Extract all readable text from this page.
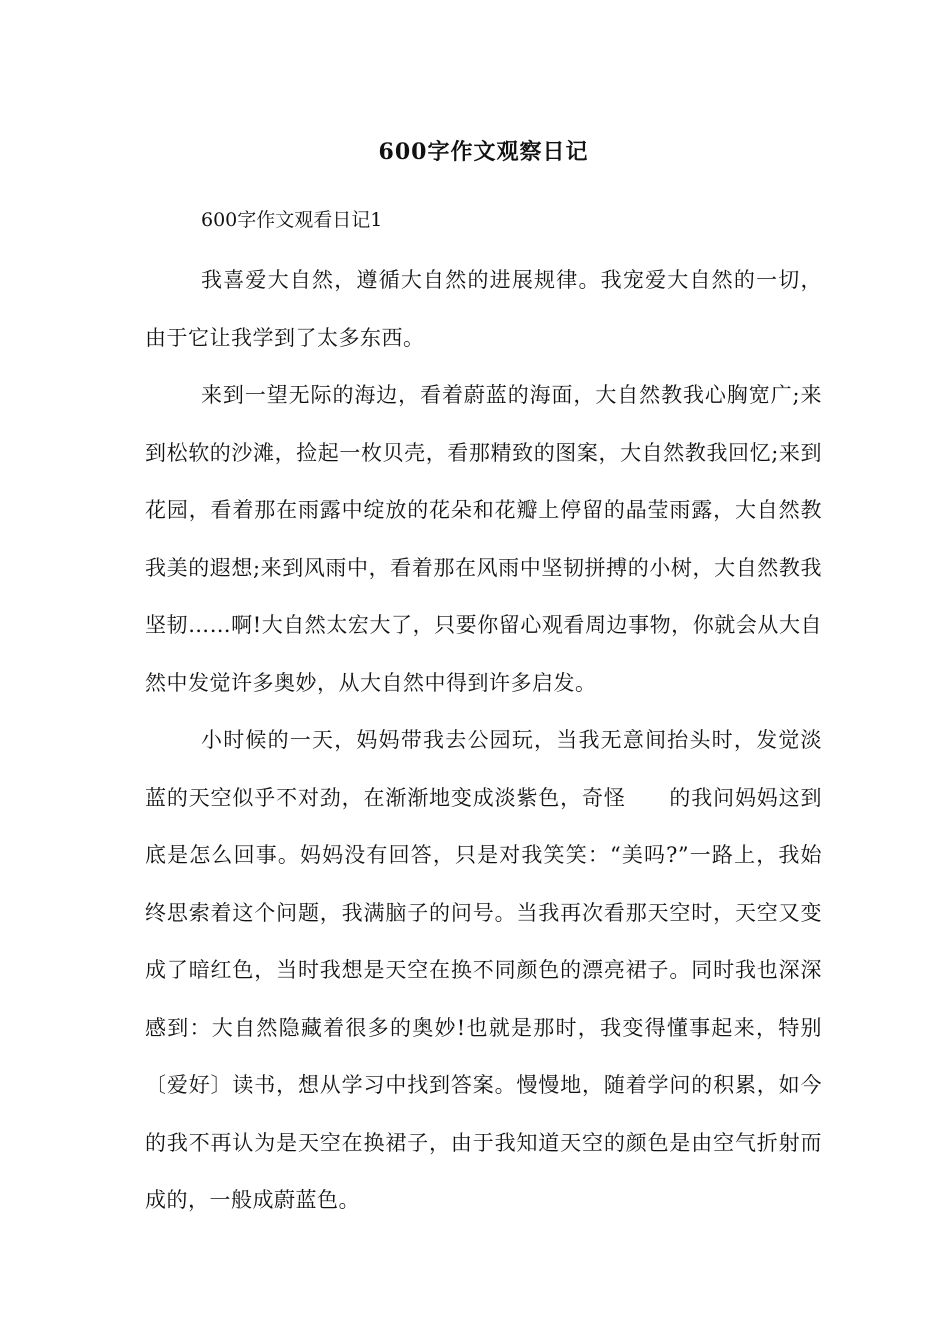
600字作文观察日记

600字作文观看日记1

我喜爱大自然，遵循大自然的进展规律。我宠爱大自然的一切，由于它让我学到了太多东西。

来到一望无际的海边，看着蔚蓝的海面，大自然教我心胸宽广;来到松软的沙滩，捡起一枚贝壳，看那精致的图案，大自然教我回忆;来到花园，看着那在雨露中绽放的花朵和花瓣上停留的晶莹雨露，大自然教我美的遐想;来到风雨中，看着那在风雨中坚韧拼搏的小树，大自然教我坚韧……啊!大自然太宏大了，只要你留心观看周边事物，你就会从大自然中发觉许多奥妙，从大自然中得到许多启发。

小时候的一天，妈妈带我去公园玩，当我无意间抬头时，发觉淡蓝的天空似乎不对劲，在渐渐地变成淡紫色，奇怪　　的我问妈妈这到底是怎么回事。妈妈没有回答，只是对我笑笑：“美吗?”一路上，我始终思索着这个问题，我满脑子的问号。当我再次看那天空时，天空又变成了暗红色，当时我想是天空在换不同颜色的漂亮裙子。同时我也深深感到：大自然隐藏着很多的奥妙!也就是那时，我变得懂事起来，特别〔爱好〕读书，想从学习中找到答案。慢慢地，随着学问的积累，如今的我不再认为是天空在换裙子，由于我知道天空的颜色是由空气折射而成的，一般成蔚蓝色。
